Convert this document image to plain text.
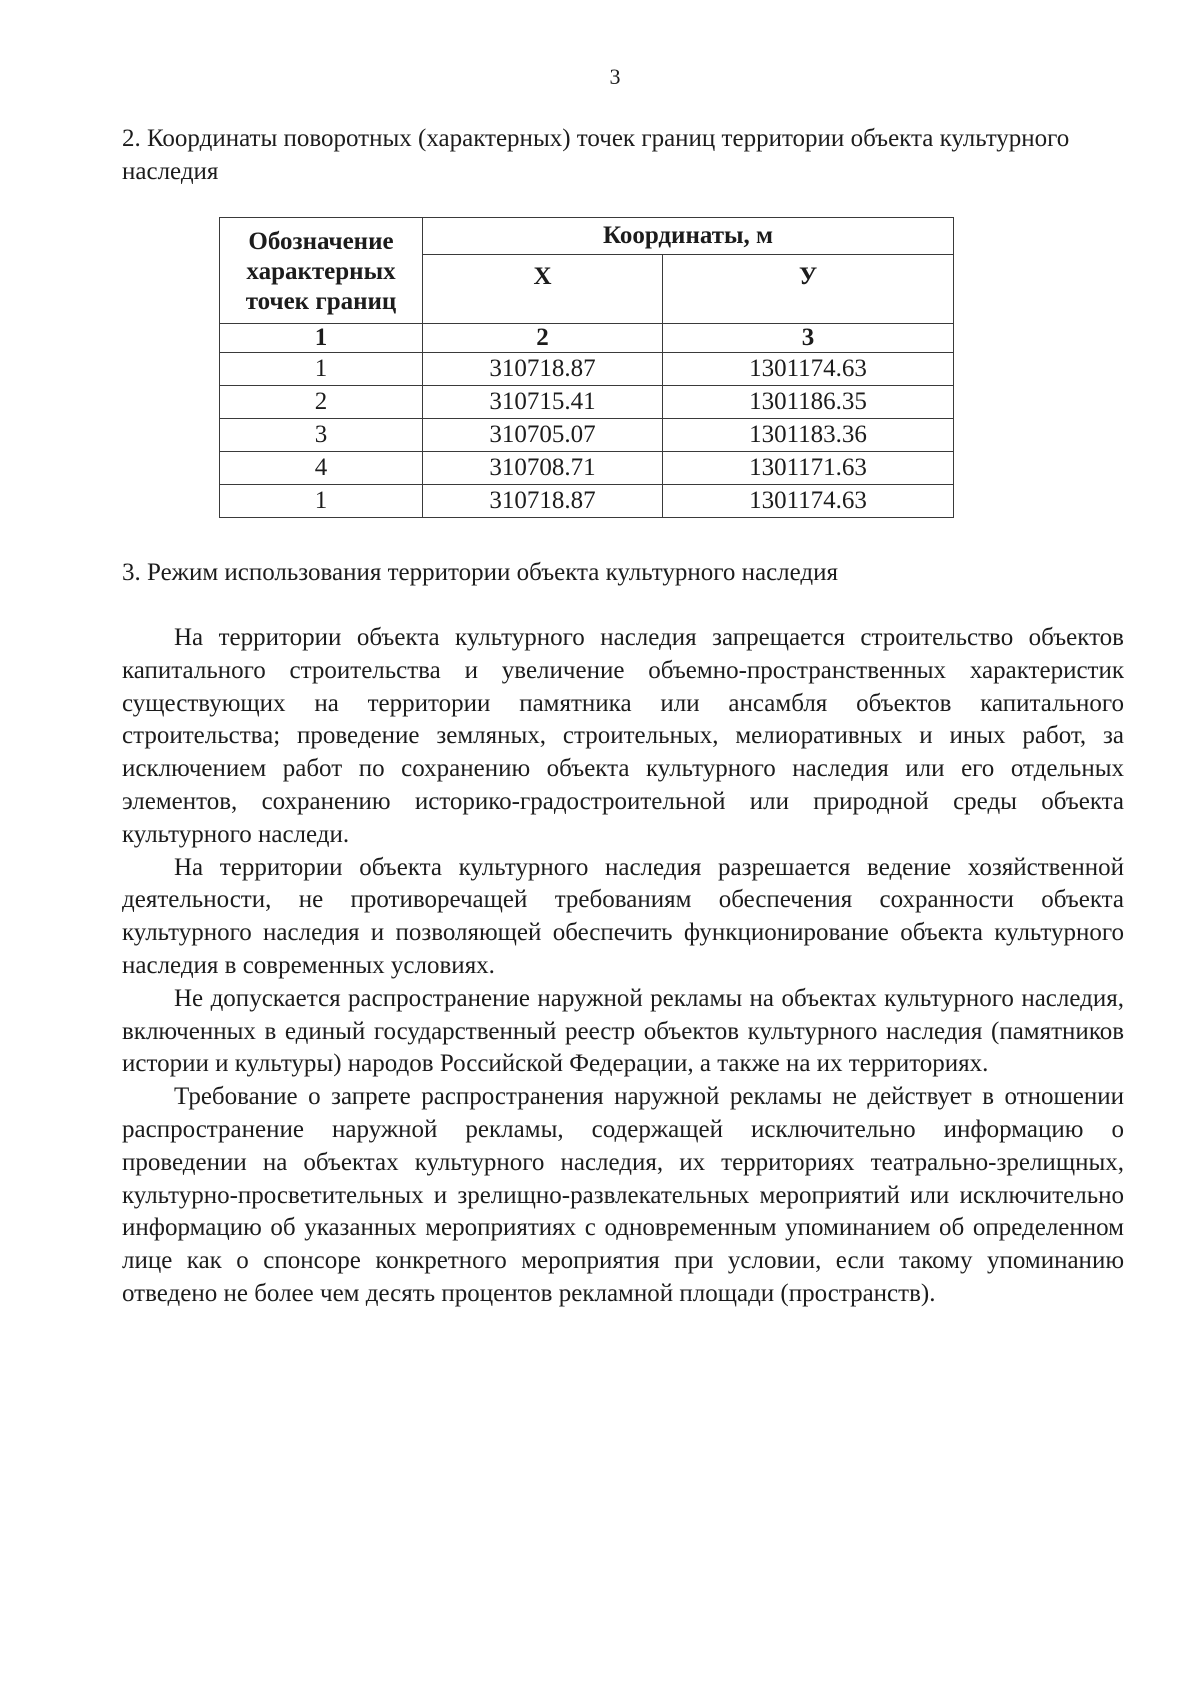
3
2. Координаты поворотных (характерных) точек границ территории объекта культурного наследия
Обозначение характерных точек границ	Координаты, м	
	Х	У
1	2	3
1	310718.87	1301174.63
2	310715.41	1301186.35
3	310705.07	1301183.36
4	310708.71	1301171.63
1	310718.87	1301174.63
3. Режим использования территории объекта культурного наследия

На территории объекта культурного наследия запрещается строительство объектов капитального строительства и увеличение объемно-пространственных характеристик существующих на территории памятника или ансамбля объектов капитального строительства; проведение земляных, строительных, мелиоративных и иных работ, за исключением работ по сохранению объекта культурного наследия или его отдельных элементов, сохранению историко-градостроительной или природной среды объекта культурного наследи.

На территории объекта культурного наследия разрешается ведение хозяйственной деятельности, не противоречащей требованиям обеспечения сохранности объекта культурного наследия и позволяющей обеспечить функционирование объекта культурного наследия в современных условиях.

Не допускается распространение наружной рекламы на объектах культурного наследия, включенных в единый государственный реестр объектов культурного наследия (памятников истории и культуры) народов Российской Федерации, а также на их территориях.

Требование о запрете распространения наружной рекламы не действует в отношении распространение наружной рекламы, содержащей исключительно информацию о проведении на объектах культурного наследия, их территориях театрально-зрелищных, культурно-просветительных и зрелищно-развлекательных мероприятий или исключительно информацию об указанных мероприятиях с одновременным упоминанием об определенном лице как о спонсоре конкретного мероприятия при условии, если такому упоминанию отведено не более чем десять процентов рекламной площади (пространств).
